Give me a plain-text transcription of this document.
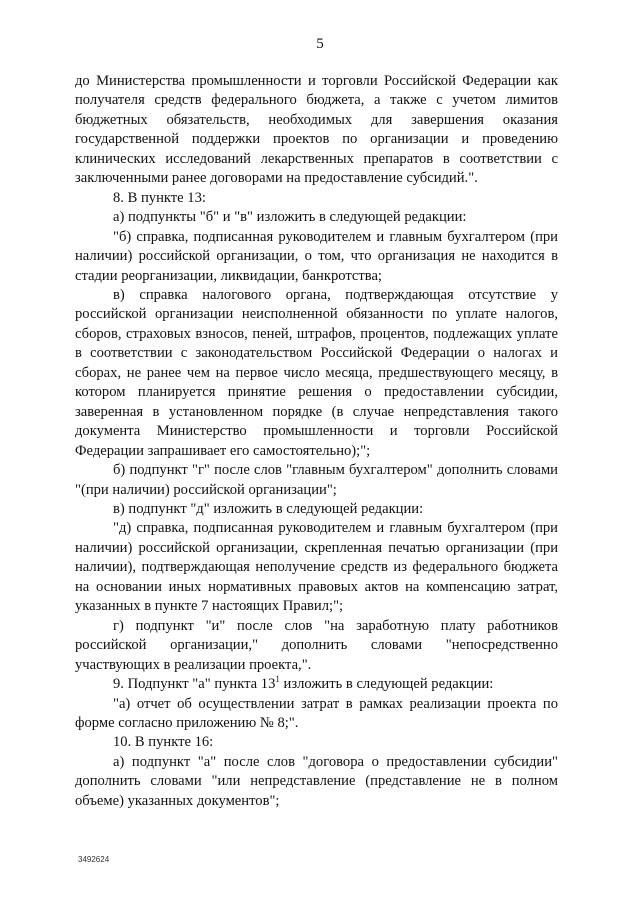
5

до Министерства промышленности и торговли Российской Федерации как получателя средств федерального бюджета, а также с учетом лимитов бюджетных обязательств, необходимых для завершения оказания государственной поддержки проектов по организации и проведению клинических исследований лекарственных препаратов в соответствии с заключенными ранее договорами на предоставление субсидий.".

8. В пункте 13:

а) подпункты "б" и "в" изложить в следующей редакции:

"б) справка, подписанная руководителем и главным бухгалтером (при наличии) российской организации, о том, что организация не находится в стадии реорганизации, ликвидации, банкротства;

в) справка налогового органа, подтверждающая отсутствие у российской организации неисполненной обязанности по уплате налогов, сборов, страховых взносов, пеней, штрафов, процентов, подлежащих уплате в соответствии с законодательством Российской Федерации о налогах и сборах, не ранее чем на первое число месяца, предшествующего месяцу, в котором планируется принятие решения о предоставлении субсидии, заверенная в установленном порядке (в случае непредставления такого документа Министерство промышленности и торговли Российской Федерации запрашивает его самостоятельно);";

б) подпункт "г" после слов "главным бухгалтером" дополнить словами "(при наличии) российской организации";

в) подпункт "д" изложить в следующей редакции:

"д) справка, подписанная руководителем и главным бухгалтером (при наличии) российской организации, скрепленная печатью организации (при наличии), подтверждающая неполучение средств из федерального бюджета на основании иных нормативных правовых актов на компенсацию затрат, указанных в пункте 7 настоящих Правил;";

г) подпункт "и" после слов "на заработную плату работников российской организации," дополнить словами "непосредственно участвующих в реализации проекта,".

9. Подпункт "а" пункта $13^1$ изложить в следующей редакции:

"а) отчет об осуществлении затрат в рамках реализации проекта по форме согласно приложению № 8;".

10. В пункте 16:

а) подпункт "а" после слов "договора о предоставлении субсидии" дополнить словами "или непредставление (представление не в полном объеме) указанных документов";

3492624
